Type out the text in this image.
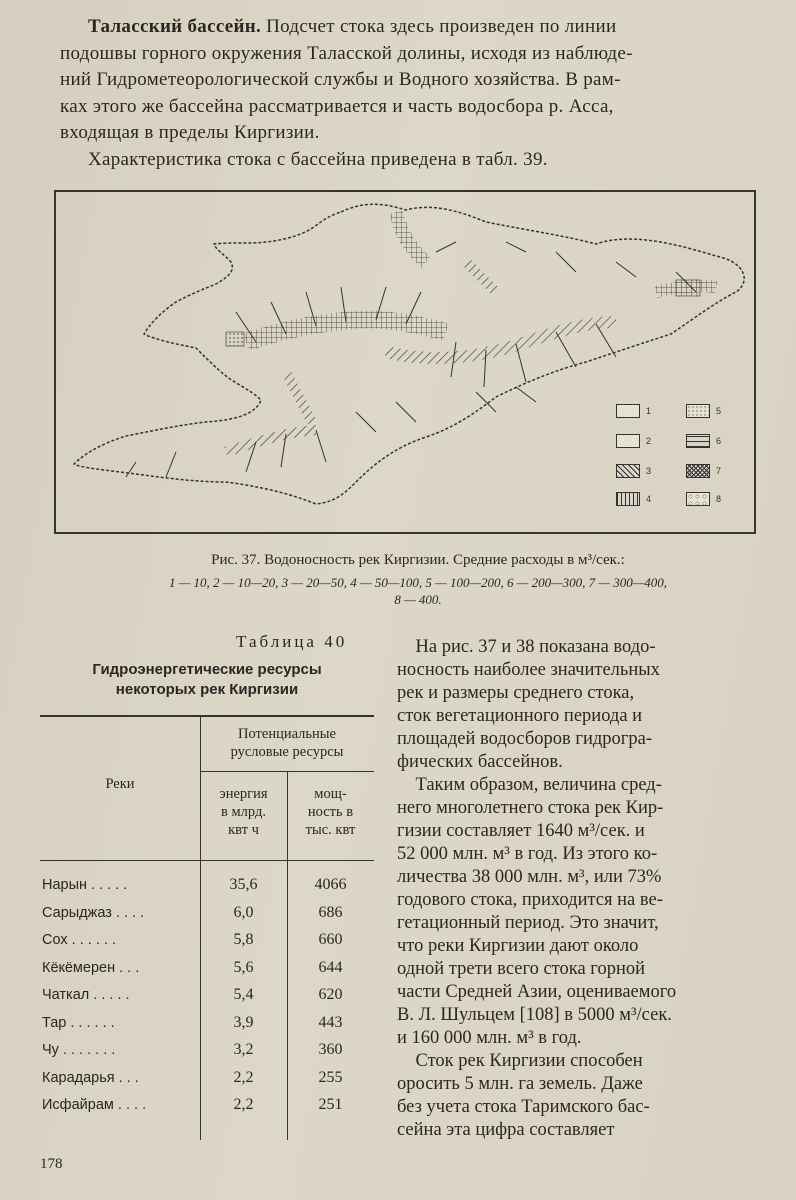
Таласский бассейн. Подсчет стока здесь произведен по линии
подошвы горного окружения Таласской долины, исходя из наблюде-
ний Гидрометеорологической службы и Водного хозяйства. В рам-
ках этого же бассейна рассматривается и часть водосбора р. Асса,
входящая в пределы Киргизии.
Характеристика стока с бассейна приведена в табл. 39.
1
2
3
4
5
6
7
8
Рис. 37. Водоносность рек Киргизии. Средние расходы в м³/сек.:
1 — 10, 2 — 10—20, 3 — 20—50, 4 — 50—100, 5 — 100—200, 6 — 200—300, 7 — 300—400,
8 — 400.
Таблица 40
Гидроэнергетические ресурсы
некоторых рек Киргизии
Реки
Потенциальные
русловые ресурсы
энергия
в млрд.
квт ч
мощ-
ность в
тыс. квт
Нарын . . . . .	35,6	4066
Сарыджаз . . . .	6,0	686
Сох . . . . . .	5,8	660
Кёкёмерен . . .	5,6	644
Чаткал . . . . .	5,4	620
Тар . . . . . .	3,9	443
Чу . . . . . . .	3,2	360
Карадарья . . .	2,2	255
Исфайрам . . . .	2,2	251
На рис. 37 и 38 показана водо-
носность наиболее значительных
рек и размеры среднего стока,
сток вегетационного периода и
площадей водосборов гидрогра-
фических бассейнов.
Таким образом, величина сред-
него многолетнего стока рек Кир-
гизии составляет 1640 м³/сек. и
52 000 млн. м³ в год. Из этого ко-
личества 38 000 млн. м³, или 73%
годового стока, приходится на ве-
гетационный период. Это значит,
что реки Киргизии дают около
одной трети всего стока горной
части Средней Азии, оцениваемого
В. Л. Шульцем [108] в 5000 м³/сек.
и 160 000 млн. м³ в год.
Сток рек Киргизии способен
оросить 5 млн. га земель. Даже
без учета стока Таримского бас-
сейна эта цифра составляет
178
